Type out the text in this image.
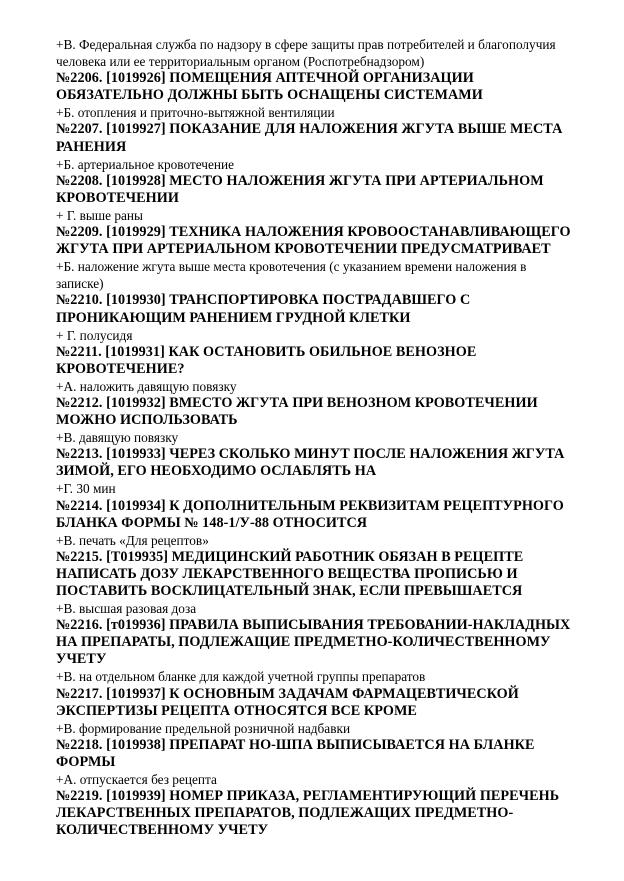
+В. Федеральная служба по надзору в сфере защиты прав потребителей и благополучия человека или ее территориальным органом (Роспотребнадзором)

№2206. [1019926] ПОМЕЩЕНИЯ АПТЕЧНОЙ ОРГАНИЗАЦИИ ОБЯЗАТЕЛЬНО ДОЛЖНЫ БЫТЬ ОСНАЩЕНЫ СИСТЕМАМИ

+Б. отопления и приточно-вытяжной вентиляции

№2207. [1019927] ПОКАЗАНИЕ ДЛЯ НАЛОЖЕНИЯ ЖГУТА ВЫШЕ МЕСТА РАНЕНИЯ

+Б. артериальное кровотечение

№2208. [1019928] МЕСТО НАЛОЖЕНИЯ ЖГУТА ПРИ АРТЕРИАЛЬНОМ КРОВОТЕЧЕНИИ

+ Г. выше раны

№2209. [1019929] ТЕХНИКА НАЛОЖЕНИЯ КРОВООСТАНАВЛИВАЮЩЕГО ЖГУТА ПРИ АРТЕРИАЛЬНОМ КРОВОТЕЧЕНИИ ПРЕДУСМАТРИВАЕТ

+Б. наложение жгута выше места кровотечения (с указанием времени наложения в записке)

№2210. [1019930] ТРАНСПОРТИРОВКА ПОСТРАДАВШЕГО С ПРОНИКАЮЩИМ РАНЕНИЕМ ГРУДНОЙ КЛЕТКИ

+ Г. полусидя

№2211. [1019931] КАК ОСТАНОВИТЬ ОБИЛЬНОЕ ВЕНОЗНОЕ КРОВОТЕЧЕНИЕ?

+А. наложить давящую повязку

№2212. [1019932] ВМЕСТО ЖГУТА ПРИ ВЕНОЗНОМ КРОВОТЕЧЕНИИ МОЖНО ИСПОЛЬЗОВАТЬ

+В. давящую повязку

№2213. [1019933] ЧЕРЕЗ СКОЛЬКО МИНУТ ПОСЛЕ НАЛОЖЕНИЯ ЖГУТА ЗИМОЙ, ЕГО НЕОБХОДИМО ОСЛАБЛЯТЬ НА

+Г. 30 мин

№2214. [1019934] К ДОПОЛНИТЕЛЬНЫМ РЕКВИЗИТАМ РЕЦЕПТУРНОГО БЛАНКА ФОРМЫ № 148-1/У-88 ОТНОСИТСЯ

+В. печать «Для рецептов»

№2215. [Т019935] МЕДИЦИНСКИЙ РАБОТНИК ОБЯЗАН В РЕЦЕПТЕ НАПИСАТЬ ДОЗУ ЛЕКАРСТВЕННОГО ВЕЩЕСТВА ПРОПИСЬЮ И ПОСТАВИТЬ ВОСКЛИЦАТЕЛЬНЫЙ ЗНАК, ЕСЛИ ПРЕВЫШАЕТСЯ

+В. высшая разовая доза

№2216. [т019936] ПРАВИЛА ВЫПИСЫВАНИЯ ТРЕБОВАНИИ-НАКЛАДНЫХ НА ПРЕПАРАТЫ, ПОДЛЕЖАЩИЕ ПРЕДМЕТНО-КОЛИЧЕСТВЕННОМУ УЧЕТУ

+В. на отдельном бланке для каждой учетной группы препаратов

№2217. [1019937] К ОСНОВНЫМ ЗАДАЧАМ ФАРМАЦЕВТИЧЕСКОЙ ЭКСПЕРТИЗЫ РЕЦЕПТА ОТНОСЯТСЯ ВСЕ КРОМЕ

+В. формирование предельной розничной надбавки

№2218. [1019938] ПРЕПАРАТ НО-ШПА ВЫПИСЫВАЕТСЯ НА БЛАНКЕ ФОРМЫ

+А. отпускается без рецепта

№2219. [1019939] НОМЕР ПРИКАЗА, РЕГЛАМЕНТИРУЮЩИЙ ПЕРЕЧЕНЬ ЛЕКАРСТВЕННЫХ ПРЕПАРАТОВ, ПОДЛЕЖАЩИХ ПРЕДМЕТНО-КОЛИЧЕСТВЕННОМУ УЧЕТУ
